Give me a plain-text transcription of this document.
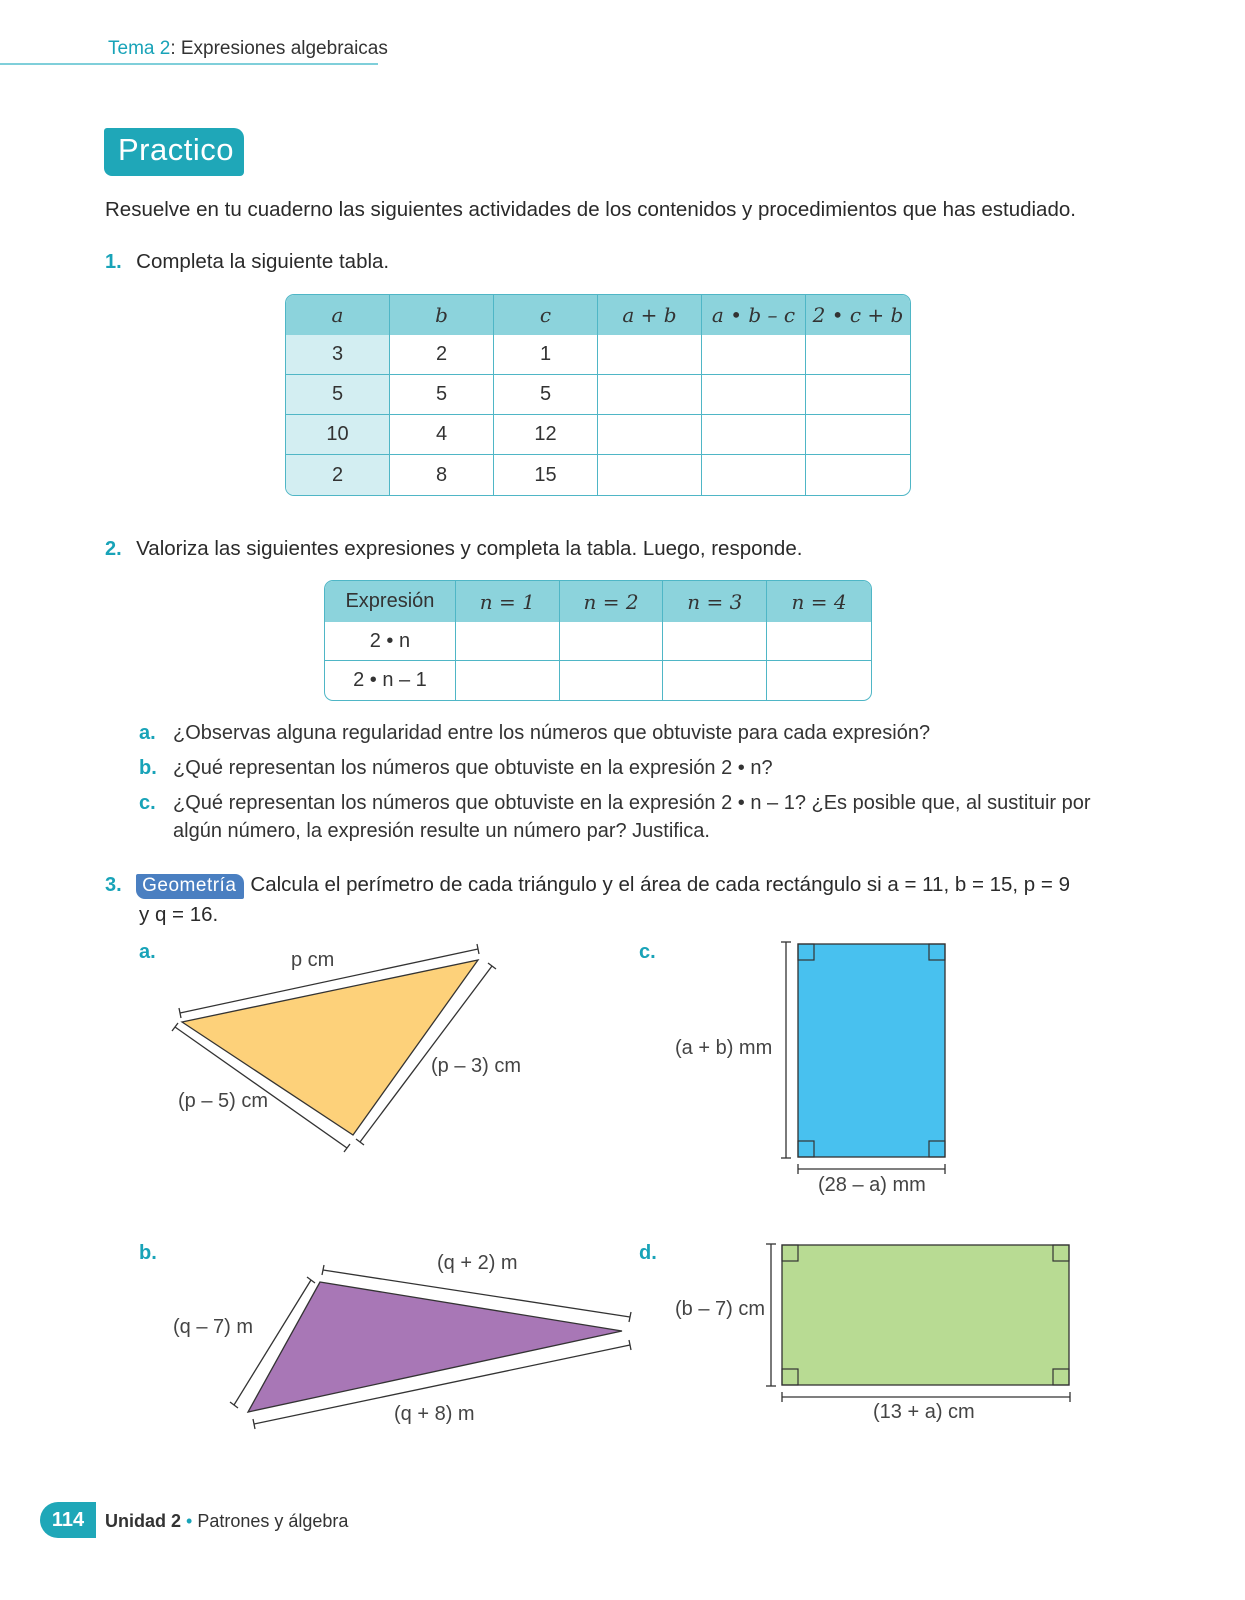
Tema 2: Expresiones algebraicas
Practico
Resuelve en tu cuaderno las siguientes actividades de los contenidos y procedimientos que has estudiado.
1. Completa la siguiente tabla.
a	b	c	a + b	a • b – c	2 • c + b
3	2	1			
5	5	5			
10	4	12			
2	8	15			
2. Valoriza las siguientes expresiones y completa la tabla. Luego, responde.
Expresión	n = 1	n = 2	n = 3	n = 4
2 • n				
2 • n – 1				
a. ¿Observas alguna regularidad entre los números que obtuviste para cada expresión?
b. ¿Qué representan los números que obtuviste en la expresión 2 • n?
c. ¿Qué representan los números que obtuviste en la expresión 2 • n – 1? ¿Es posible que, al sustituir por
algún número, la expresión resulte un número par? Justifica.
3. Geometría Calcula el perímetro de cada triángulo y el área de cada rectángulo si a = 11, b = 15, p = 9
y q = 16.
a.	c.
b.	d.
p cm
(p – 3) cm
(p – 5) cm
(a + b) mm
(28 – a) mm
(q + 2) m
(q – 7) m
(q + 8) m
(b – 7) cm
(13 + a) cm
114	Unidad 2 • Patrones y álgebra
